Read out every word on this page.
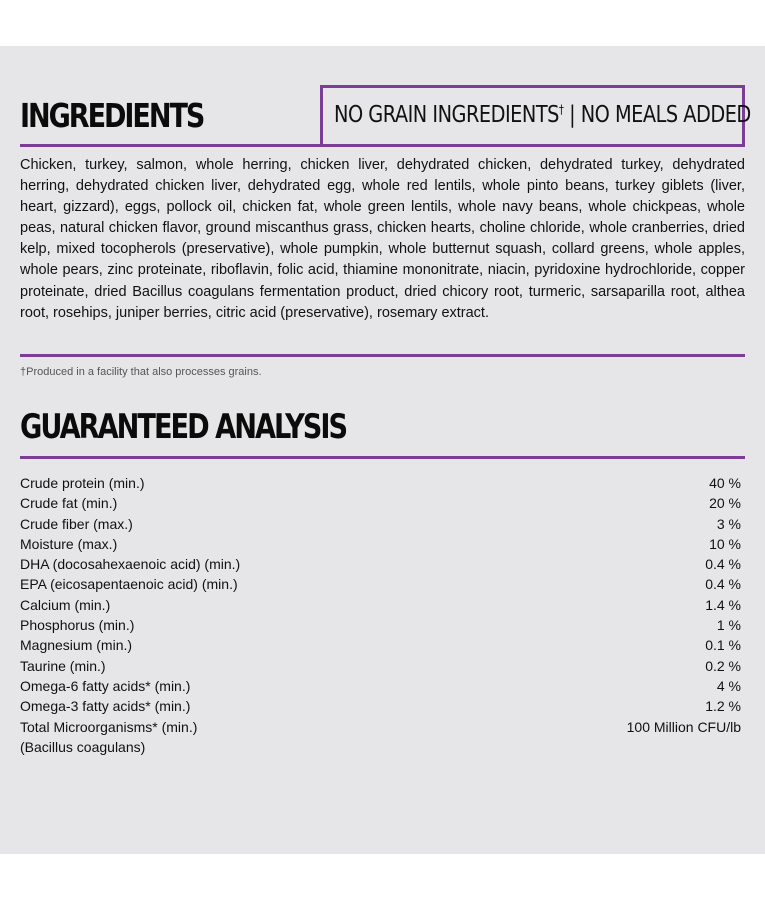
INGREDIENTS	NO GRAIN INGREDIENTS† | NO MEALS ADDED

Chicken, turkey, salmon, whole herring, chicken liver, dehydrated chicken, dehydrated turkey, dehydrated herring, dehydrated chicken liver, dehydrated egg, whole red lentils, whole pinto beans, turkey giblets (liver, heart, gizzard), eggs, pollock oil, chicken fat, whole green lentils, whole navy beans, whole chickpeas, whole peas, natural chicken flavor, ground miscanthus grass, chicken hearts, choline chloride, whole cranberries, dried kelp, mixed tocopherols (preservative), whole pumpkin, whole butternut squash, collard greens, whole apples, whole pears, zinc proteinate, riboflavin, folic acid, thiamine mononitrate, niacin, pyridoxine hydrochloride, copper proteinate, dried Bacillus coagulans fermentation product, dried chicory root, turmeric, sarsaparilla root, althea root, rosehips, juniper berries, citric acid (preservative), rosemary extract.

†Produced in a facility that also processes grains.
GUARANTEED ANALYSIS
Crude protein (min.)	40 %
Crude fat (min.)	20 %
Crude fiber (max.)	3 %
Moisture (max.)	10 %
DHA (docosahexaenoic acid) (min.)	0.4 %
EPA (eicosapentaenoic acid) (min.)	0.4 %
Calcium (min.)	1.4 %
Phosphorus (min.)	1 %
Magnesium (min.)	0.1 %
Taurine (min.)	0.2 %
Omega-6 fatty acids* (min.)	4 %
Omega-3 fatty acids* (min.)	1.2 %
Total Microorganisms* (min.)	100 Million CFU/lb
(Bacillus coagulans)
